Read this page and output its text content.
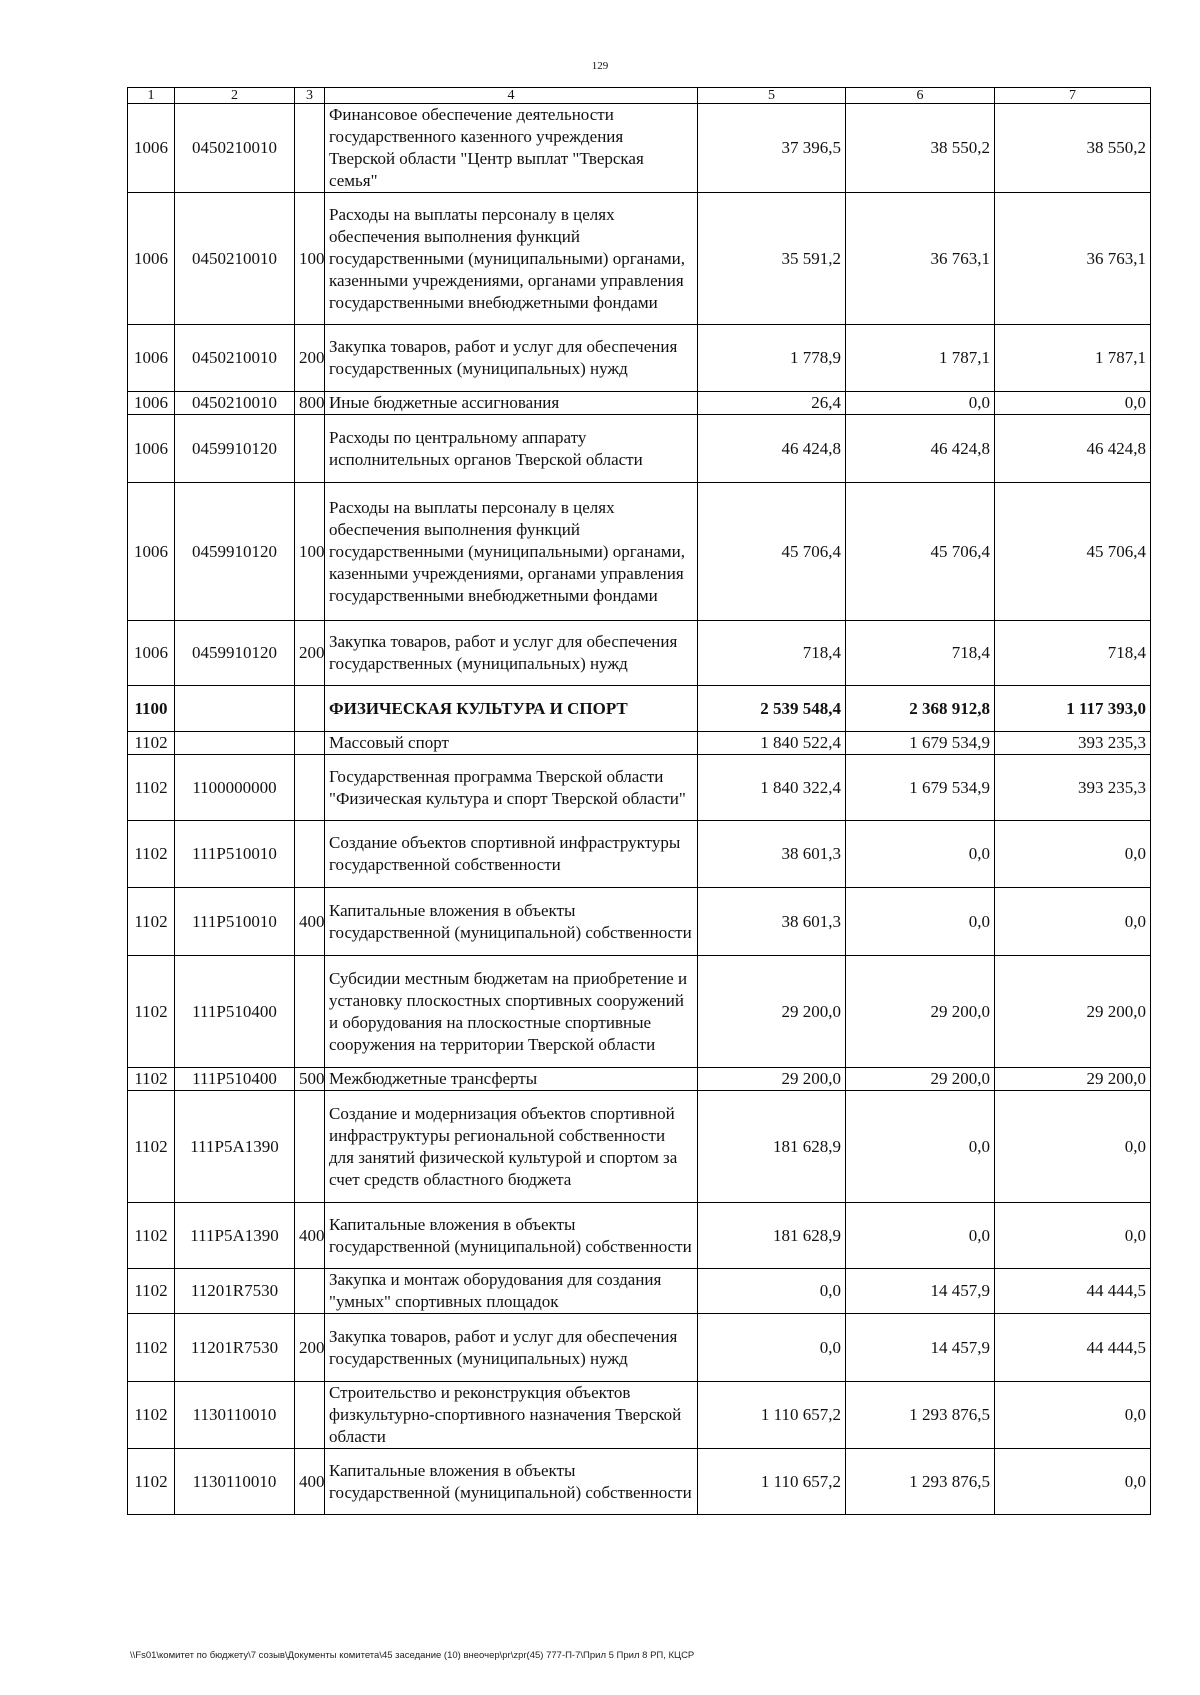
129
1	2	3	4	5	6	7
1006	0450210010		Финансовое обеспечение деятельности государственного казенного учреждения Тверской области "Центр выплат "Тверская семья"	37 396,5	38 550,2	38 550,2
1006	0450210010	100	Расходы на выплаты персоналу в целях обеспечения выполнения функций государственными (муниципальными) органами, казенными учреждениями, органами управления государственными внебюджетными фондами	35 591,2	36 763,1	36 763,1
1006	0450210010	200	Закупка товаров, работ и услуг для обеспечения государственных (муниципальных) нужд	1 778,9	1 787,1	1 787,1
1006	0450210010	800	Иные бюджетные ассигнования	26,4	0,0	0,0
1006	0459910120		Расходы по центральному аппарату исполнительных органов Тверской области	46 424,8	46 424,8	46 424,8
1006	0459910120	100	Расходы на выплаты персоналу в целях обеспечения выполнения функций государственными (муниципальными) органами, казенными учреждениями, органами управления государственными внебюджетными фондами	45 706,4	45 706,4	45 706,4
1006	0459910120	200	Закупка товаров, работ и услуг для обеспечения государственных (муниципальных) нужд	718,4	718,4	718,4
1100			ФИЗИЧЕСКАЯ КУЛЬТУРА И СПОРТ	2 539 548,4	2 368 912,8	1 117 393,0
1102			Массовый спорт	1 840 522,4	1 679 534,9	393 235,3
1102	1100000000		Государственная программа Тверской области "Физическая культура и спорт Тверской области"	1 840 322,4	1 679 534,9	393 235,3
1102	111P510010		Создание объектов спортивной инфраструктуры государственной собственности	38 601,3	0,0	0,0
1102	111P510010	400	Капитальные вложения в объекты государственной (муниципальной) собственности	38 601,3	0,0	0,0
1102	111P510400		Субсидии местным бюджетам на приобретение и установку плоскостных спортивных сооружений и оборудования на плоскостные спортивные сооружения на территории Тверской области	29 200,0	29 200,0	29 200,0
1102	111P510400	500	Межбюджетные трансферты	29 200,0	29 200,0	29 200,0
1102	111P5A1390		Создание и модернизация объектов спортивной инфраструктуры региональной собственности для занятий физической культурой и спортом за счет средств областного бюджета	181 628,9	0,0	0,0
1102	111P5A1390	400	Капитальные вложения в объекты государственной (муниципальной) собственности	181 628,9	0,0	0,0
1102	11201R7530		Закупка и монтаж оборудования для создания "умных" спортивных площадок	0,0	14 457,9	44 444,5
1102	11201R7530	200	Закупка товаров, работ и услуг для обеспечения государственных (муниципальных) нужд	0,0	14 457,9	44 444,5
1102	1130110010		Строительство и реконструкция объектов физкультурно-спортивного назначения Тверской области	1 110 657,2	1 293 876,5	0,0
1102	1130110010	400	Капитальные вложения в объекты государственной (муниципальной) собственности	1 110 657,2	1 293 876,5	0,0
\\Fs01\комитет по бюджету\7 созыв\Документы комитета\45 заседание (10) внеочер\pr\zpr(45) 777-П-7\Прил 5 Прил 8 РП, КЦСР
